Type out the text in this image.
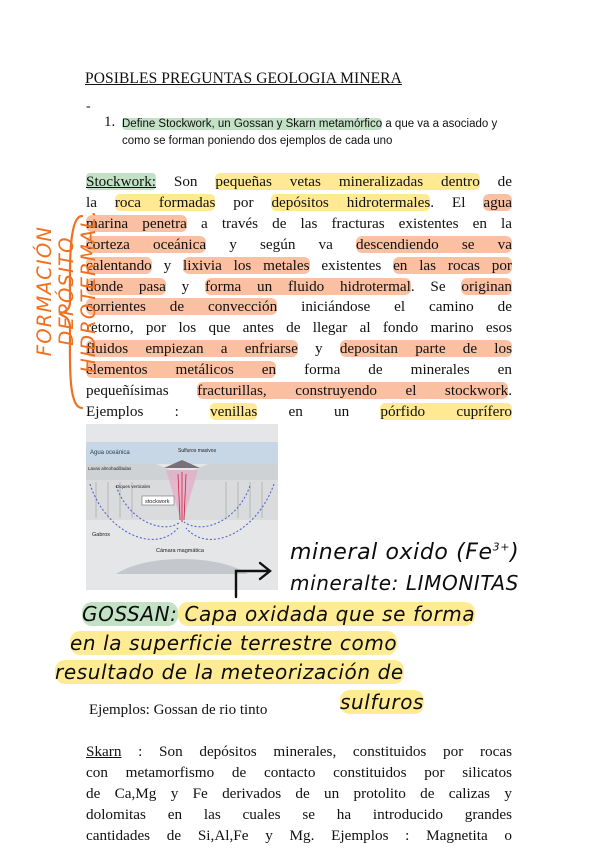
POSIBLES PREGUNTAS GEOLOGIA MINERA
-
1. Define Stockwork, un Gossan y Skarn metamórfico a que va a asociado y
como se forman poniendo dos ejemplos de cada uno
Stockwork: Son pequeñas vetas mineralizadas dentro de
la roca formadas por depósitos hidrotermales. El agua
marina penetra a través de las fracturas existentes en la
corteza oceánica y según va descendiendo se va
calentando y lixivia los metales existentes en las rocas por
donde pasa y forma un fluido hidrotermal. Se originan
corrientes de convección iniciándose el camino de
retorno, por los que antes de llegar al fondo marino esos
fluidos empiezan a enfriarse y depositan parte de los
elementos metálicos en forma de minerales en
pequeñísimas fracturillas, construyendo el stockwork.
Ejemplos : venillas en un pórfido cuprífero
Agua oceánica	Sulfuros masivos
Lavas almohadilladas
Diques verticales
stockwork
Gabros
Cámara magmática
FORMACIÓN DEPÓSITO HIDROTERMAL.
mineral oxido $(Fe^{3+})$
mineralte: LIMONITAS
GOSSAN: Capa oxidada que se forma
en la superficie terrestre como
resultado de la meteorización de
sulfuros
Ejemplos: Gossan de rio tinto
Skarn : Son depósitos minerales, constituidos por rocas
con metamorfismo de contacto constituidos por silicatos
de Ca,Mg y Fe derivados de un protolito de calizas y
dolomitas en las cuales se ha introducido grandes
cantidades de Si,Al,Fe y Mg. Ejemplos : Magnetita o
